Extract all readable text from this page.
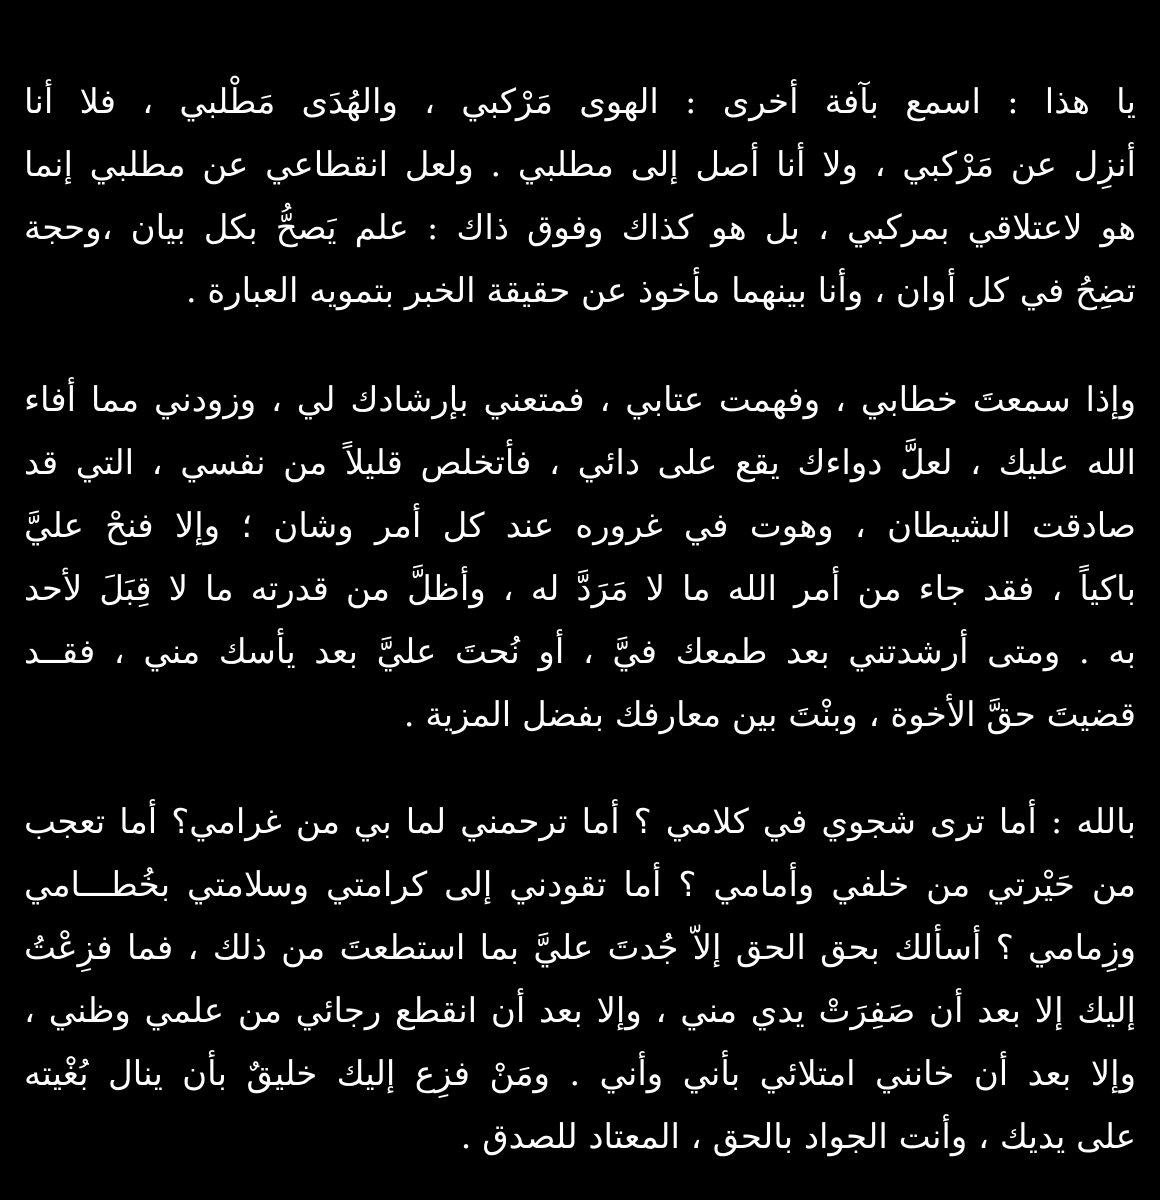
يا هذا : اسمع بآفة أخرى : الهوى مَرْكبي ، والهُدَى مَطْلبي ، فلا أنا
أنزِل عن مَرْكبي ، ولا أنا أصل إلى مطلبي . ولعل انقطاعي عن مطلبي إنما
هو لاعتلاقي بمركبي ، بل هو كذاك وفوق ذاك : علم يَصحُّ بكل بيان ،وحجة
تضِحُ في كل أوان ، وأنا بينهما مأخوذ عن حقيقة الخبر بتمويه العبارة .
وإذا سمعتَ خطابي ، وفهمت عتابي ، فمتعني بإرشادك لي ، وزودني مما أفاء
الله عليك ، لعلَّ دواءك يقع على دائي ، فأتخلص قليلاً من نفسي ، التي قد
صادقت الشيطان ، وهوت في غروره عند كل أمر وشان ؛ وإلا فنحْ عليَّ
باكياً ، فقد جاء من أمر الله ما لا مَرَدَّ له ، وأظلَّ من قدرته ما لا قِبَلَ لأحد
به . ومتى أرشدتني بعد طمعك فيَّ ، أو نُحتَ عليَّ بعد يأسك مني ، فقــد
قضيتَ حقَّ الأخوة ، وبنْتَ بين معارفك بفضل المزية .
بالله : أما ترى شجوي في كلامي ؟ أما ترحمني لما بي من غرامي؟ أما تعجب
من حَيْرتي من خلفي وأمامي ؟ أما تقودني إلى كرامتي وسلامتي بخُطـــامي
وزِمامي ؟ أسألك بحق الحق إلاّ جُدتَ عليَّ بما استطعتَ من ذلك ، فما فزِعْتُ
إليك إلا بعد أن صَفِرَتْ يدي مني ، وإلا بعد أن انقطع رجائي من علمي وظني ،
وإلا بعد أن خانني امتلائي بأني وأني . ومَنْ فزِع إليك خليقٌ بأن ينال بُغْيته
على يديك ، وأنت الجواد بالحق ، المعتاد للصدق .
